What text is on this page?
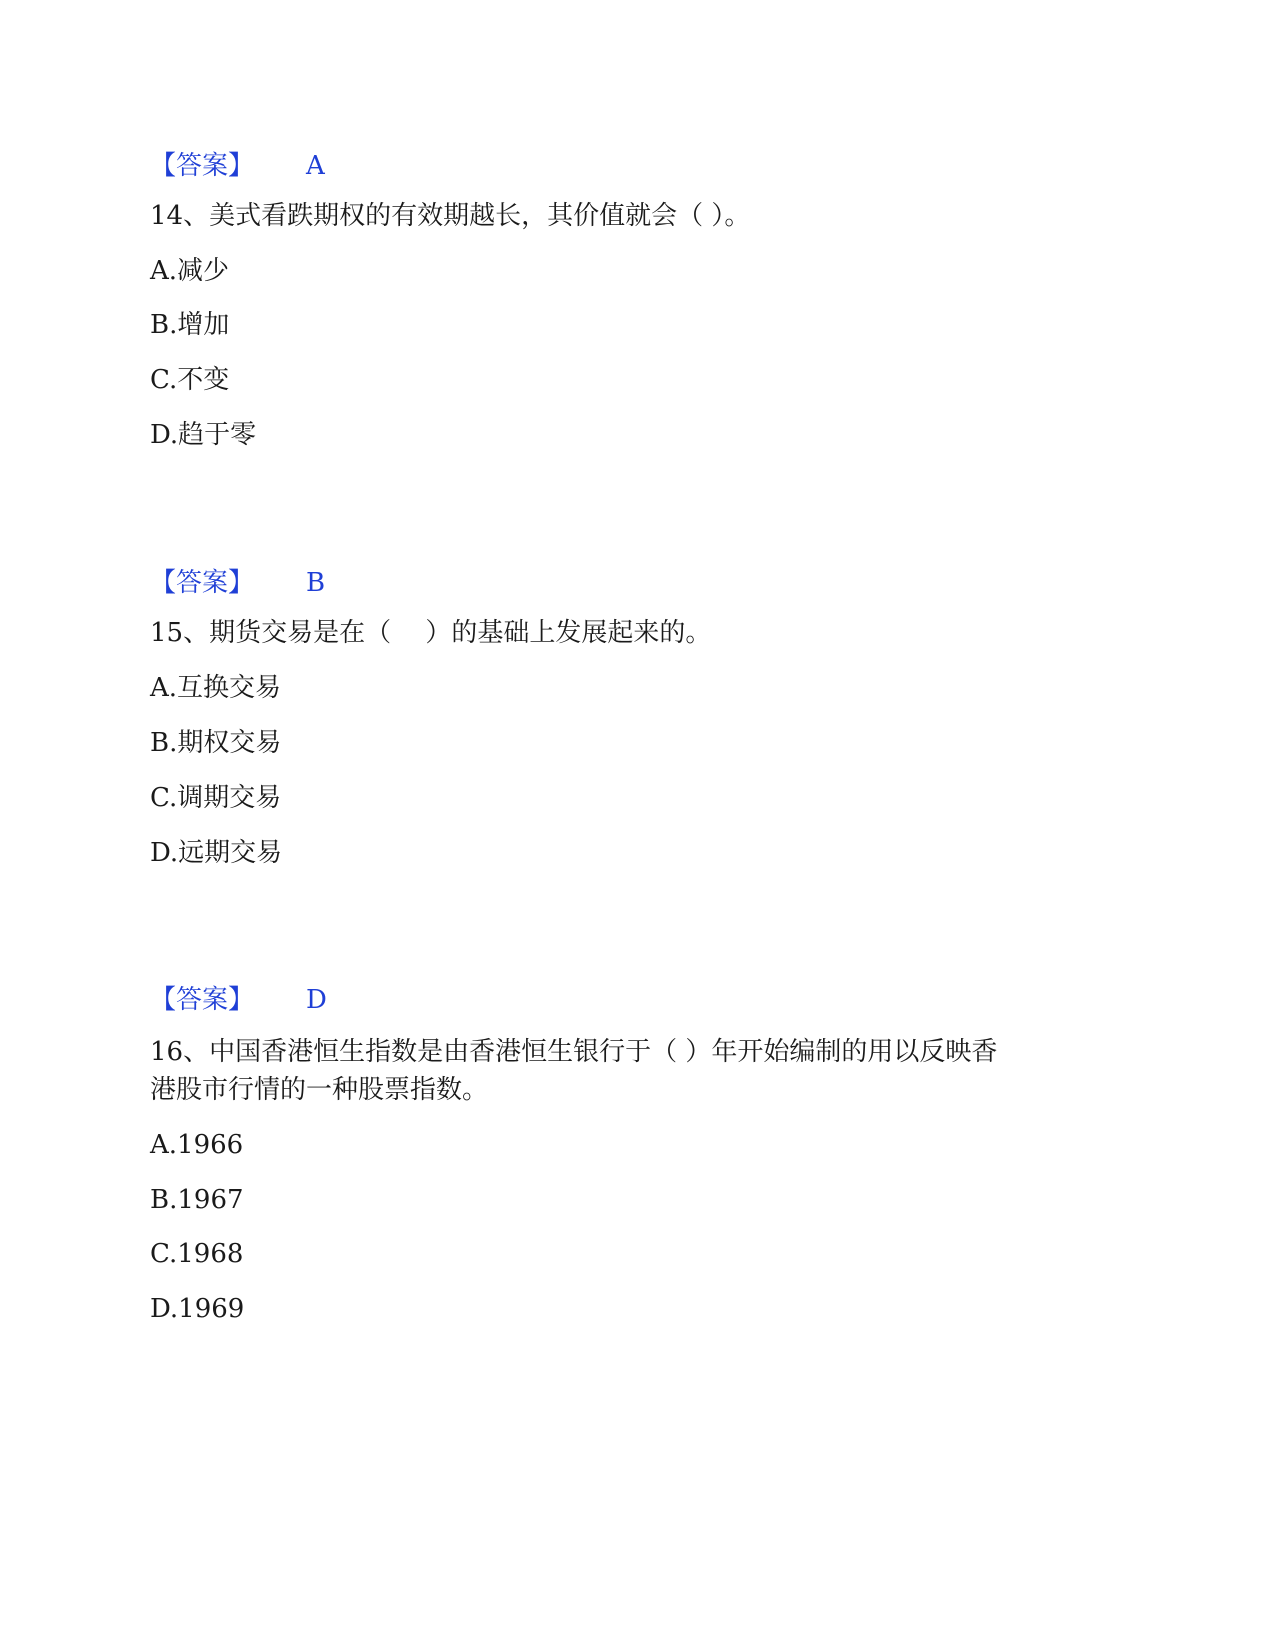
【答案】 A
14、美式看跌期权的有效期越长，其价值就会（ ）。
A.减少
B.增加
C.不变
D.趋于零
【答案】 B
15、期货交易是在（　 ）的基础上发展起来的。
A.互换交易
B.期权交易
C.调期交易
D.远期交易
【答案】 D
16、中国香港恒生指数是由香港恒生银行于（ ）年开始编制的用以反映香
港股市行情的一种股票指数。
A.1966
B.1967
C.1968
D.1969
